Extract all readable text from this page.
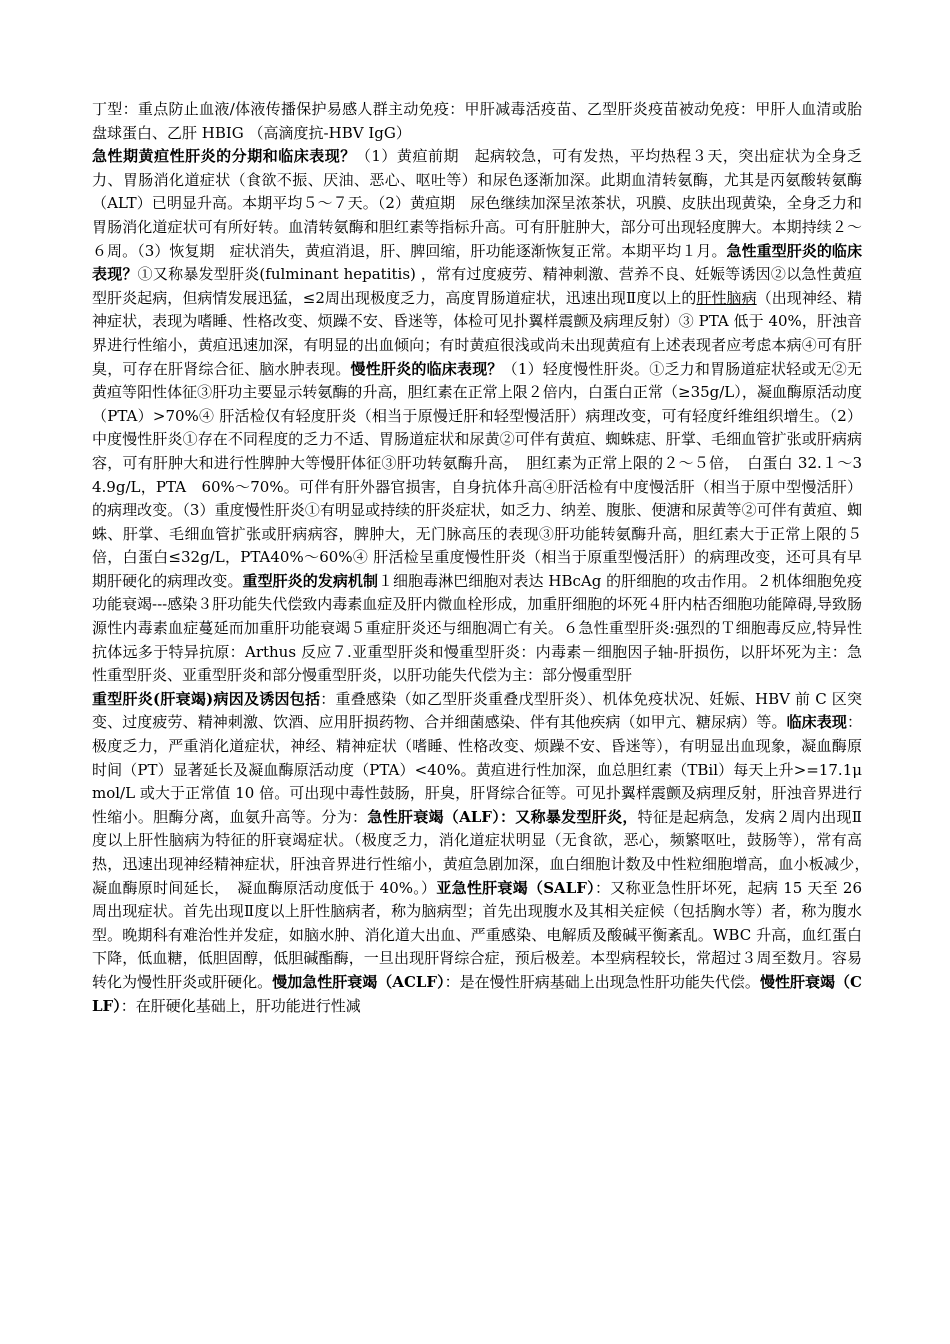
丁型：重点防止血液/体液传播保护易感人群主动免疫：甲肝减毒活疫苗、乙型肝炎疫苗被动免疫：甲肝人血清或胎盘球蛋白、乙肝 HBIG （高滴度抗-HBV IgG）

急性期黄疸性肝炎的分期和临床表现？（1）黄疸前期　起病较急，可有发热，平均热程３天，突出症状为全身乏力、胃肠消化道症状（食欲不振、厌油、恶心、呕吐等）和尿色逐渐加深。此期血清转氨酶，尤其是丙氨酸转氨酶（ALT）已明显升高。本期平均５～７天。（2）黄疸期　尿色继续加深呈浓茶状，巩膜、皮肤出现黄染，全身乏力和胃肠消化道症状可有所好转。血清转氨酶和胆红素等指标升高。可有肝脏肿大，部分可出现轻度脾大。本期持续２～６周。（3）恢复期　症状消失，黄疸消退，肝、脾回缩，肝功能逐渐恢复正常。本期平均１月。急性重型肝炎的临床表现？①又称暴发型肝炎(fulminant hepatitis) ，常有过度疲劳、精神刺激、营养不良、妊娠等诱因②以急性黄疸型肝炎起病，但病情发展迅猛，≤2周出现极度乏力，高度胃肠道症状，迅速出现Ⅱ度以上的肝性脑病（出现神经、精神症状，表现为嗜睡、性格改变、烦躁不安、昏迷等，体检可见扑翼样震颤及病理反射）③ PTA 低于 40%，肝浊音界进行性缩小，黄疸迅速加深，有明显的出血倾向；有时黄疸很浅或尚未出现黄疸有上述表现者应考虑本病④可有肝臭，可存在肝肾综合征、脑水肿表现。慢性肝炎的临床表现？（1）轻度慢性肝炎。①乏力和胃肠道症状轻或无②无黄疸等阳性体征③肝功主要显示转氨酶的升高，胆红素在正常上限２倍内，白蛋白正常（≥35g/L），凝血酶原活动度（PTA）>70%④ 肝活检仅有轻度肝炎（相当于原慢迁肝和轻型慢活肝）病理改变，可有轻度纤维组织增生。（2）中度慢性肝炎①存在不同程度的乏力不适、胃肠道症状和尿黄②可伴有黄疸、蜘蛛痣、肝掌、毛细血管扩张或肝病病容，可有肝肿大和进行性脾肿大等慢肝体征③肝功转氨酶升高，　胆红素为正常上限的２～５倍，　白蛋白 32.１～34.9g/L，PTA　60%～70%。可伴有肝外器官损害，自身抗体升高④肝活检有中度慢活肝（相当于原中型慢活肝）的病理改变。（3）重度慢性肝炎①有明显或持续的肝炎症状，如乏力、纳差、腹胀、便溏和尿黄等②可伴有黄疸、蜘蛛、肝掌、毛细血管扩张或肝病病容，脾肿大，无门脉高压的表现③肝功能转氨酶升高，胆红素大于正常上限的５倍，白蛋白≤32g/L，PTA40%～60%④ 肝活检呈重度慢性肝炎（相当于原重型慢活肝）的病理改变，还可具有早期肝硬化的病理改变。重型肝炎的发病机制１细胞毒淋巴细胞对表达 HBcAg 的肝细胞的攻击作用。２机体细胞免疫功能衰竭---感染３肝功能失代偿致内毒素血症及肝内微血栓形成，加重肝细胞的坏死４肝内枯否细胞功能障碍,导致肠源性内毒素血症蔓延而加重肝功能衰竭５重症肝炎还与细胞凋亡有关。６急性重型肝炎:强烈的Ｔ细胞毒反应,特异性抗体远多于特异抗原：Arthus 反应７.亚重型肝炎和慢重型肝炎：内毒素－细胞因子轴-肝损伤，以肝坏死为主：急性重型肝炎、亚重型肝炎和部分慢重型肝炎，以肝功能失代偿为主：部分慢重型肝

重型肝炎(肝衰竭)病因及诱因包括：重叠感染（如乙型肝炎重叠戊型肝炎）、机体免疫状况、妊娠、HBV 前 C 区突变、过度疲劳、精神刺激、饮酒、应用肝损药物、合并细菌感染、伴有其他疾病（如甲亢、糖尿病）等。临床表现：极度乏力，严重消化道症状，神经、精神症状（嗜睡、性格改变、烦躁不安、昏迷等），有明显出血现象，凝血酶原时间（PT）显著延长及凝血酶原活动度（PTA）<40%。黄疸进行性加深，血总胆红素（TBil）每天上升>=17.1μmol/L 或大于正常值 10 倍。可出现中毒性鼓肠，肝臭，肝肾综合征等。可见扑翼样震颤及病理反射，肝浊音界进行性缩小。胆酶分离，血氨升高等。分为：急性肝衰竭（ALF）：又称暴发型肝炎，特征是起病急，发病２周内出现Ⅱ度以上肝性脑病为特征的肝衰竭症状。（极度乏力，消化道症状明显（无食欲，恶心，频繁呕吐，鼓肠等），常有高热，迅速出现神经精神症状，肝浊音界进行性缩小，黄疸急剧加深，血白细胞计数及中性粒细胞增高，血小板减少，　凝血酶原时间延长，　凝血酶原活动度低于 40%。）亚急性肝衰竭（SALF）：又称亚急性肝坏死，起病 15 天至 26 周出现症状。首先出现Ⅱ度以上肝性脑病者，称为脑病型；首先出现腹水及其相关症候（包括胸水等）者，称为腹水型。晚期科有难治性并发症，如脑水肿、消化道大出血、严重感染、电解质及酸碱平衡紊乱。WBC 升高，血红蛋白下降，低血糖，低胆固醇，低胆碱酯酶，一旦出现肝肾综合症，预后极差。本型病程较长，常超过３周至数月。容易转化为慢性肝炎或肝硬化。慢加急性肝衰竭（ACLF）：是在慢性肝病基础上出现急性肝功能失代偿。慢性肝衰竭（CLF）：在肝硬化基础上，肝功能进行性减
